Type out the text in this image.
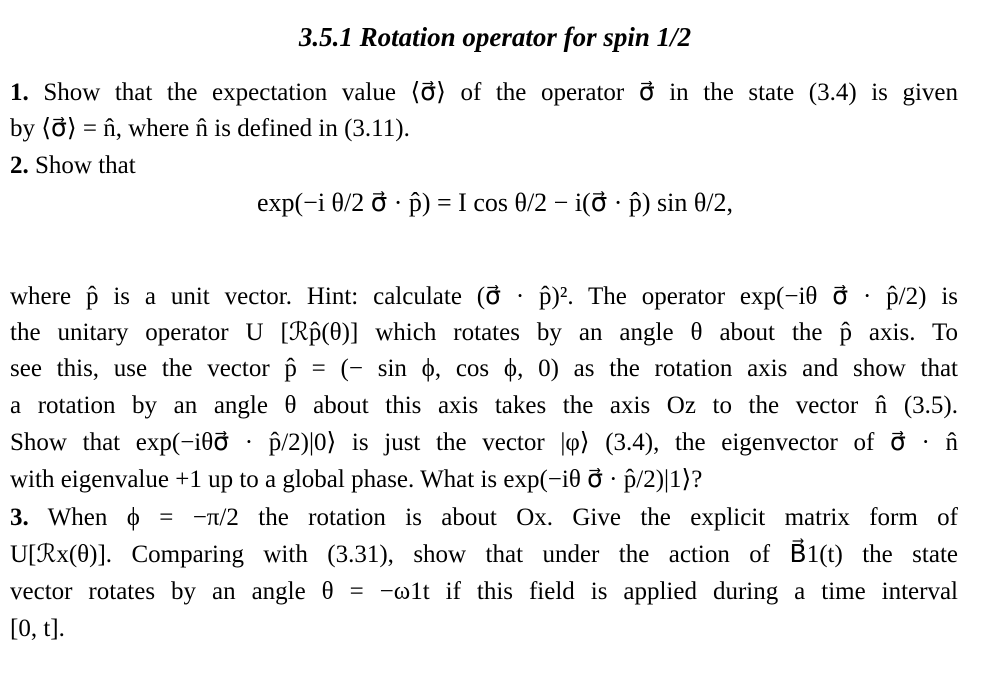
3.5.1 Rotation operator for spin 1/2
1. Show that the expectation value ⟨σ⃗⟩ of the operator σ⃗ in the state (3.4) is given
by ⟨σ⃗⟩ = n̂, where n̂ is defined in (3.11).
2. Show that
exp(−i θ/2 σ⃗ · p̂) = I cos θ/2 − i(σ⃗ · p̂) sin θ/2,
where p̂ is a unit vector. Hint: calculate (σ⃗ · p̂)². The operator exp(−iθ σ⃗ · p̂/2) is
the unitary operator U [ℛp̂(θ)] which rotates by an angle θ about the p̂ axis. To
see this, use the vector p̂ = (− sin ϕ, cos ϕ, 0) as the rotation axis and show that
a rotation by an angle θ about this axis takes the axis Oz to the vector n̂ (3.5).
Show that exp(−iθσ⃗ · p̂/2)|0⟩ is just the vector |φ⟩ (3.4), the eigenvector of σ⃗ · n̂
with eigenvalue +1 up to a global phase. What is exp(−iθ σ⃗ · p̂/2)|1⟩?
3. When ϕ = −π/2 the rotation is about Ox. Give the explicit matrix form of
U[ℛx(θ)]. Comparing with (3.31), show that under the action of B⃗1(t) the state
vector rotates by an angle θ = −ω1t if this field is applied during a time interval
[0, t].
